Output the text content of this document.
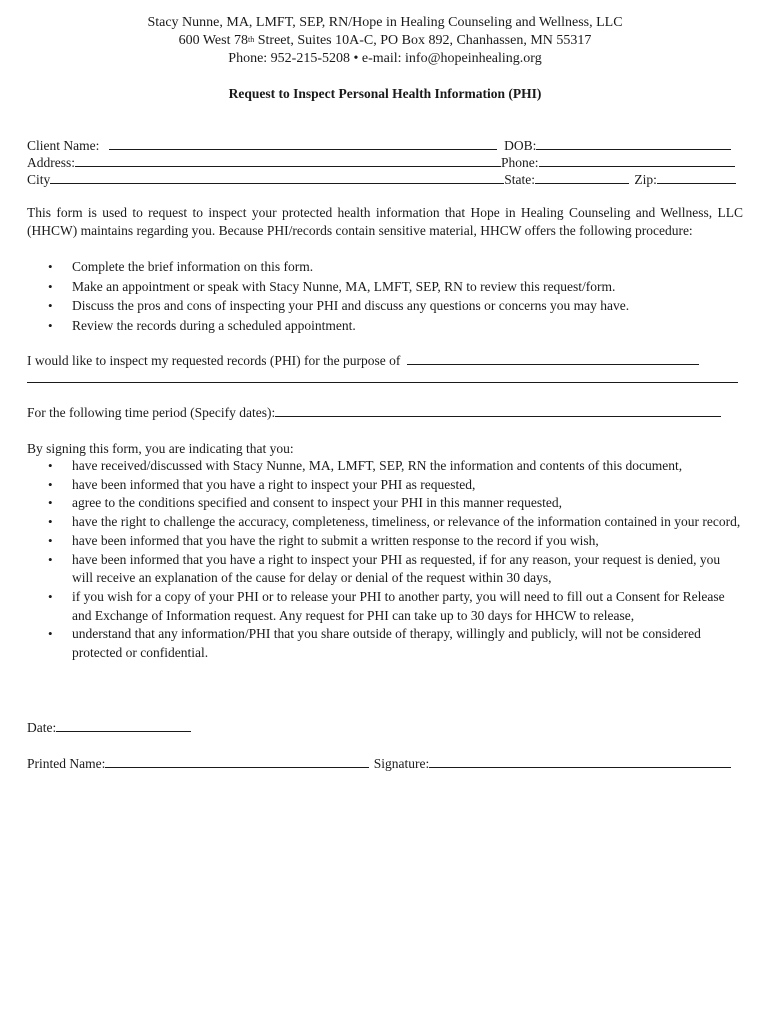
Stacy Nunne, MA, LMFT, SEP, RN/Hope in Healing Counseling and Wellness, LLC
600 West 78th Street, Suites 10A-C, PO Box 892, Chanhassen, MN 55317
Phone: 952-215-5208 • e-mail: info@hopeinhealing.org
Request to Inspect Personal Health Information (PHI)
Client Name:	DOB:
Address:	Phone:
City	State:	Zip:
This form is used to request to inspect your protected health information that Hope in Healing Counseling and Wellness, LLC (HHCW) maintains regarding you. Because PHI/records contain sensitive material, HHCW offers the following procedure:
• Complete the brief information on this form.
• Make an appointment or speak with Stacy Nunne, MA, LMFT, SEP, RN to review this request/form.
• Discuss the pros and cons of inspecting your PHI and discuss any questions or concerns you may have.
• Review the records during a scheduled appointment.
I would like to inspect my requested records (PHI) for the purpose of
For the following time period (Specify dates):
By signing this form, you are indicating that you:
• have received/discussed with Stacy Nunne, MA, LMFT, SEP, RN the information and contents of this document,
• have been informed that you have a right to inspect your PHI as requested,
• agree to the conditions specified and consent to inspect your PHI in this manner requested,
• have the right to challenge the accuracy, completeness, timeliness, or relevance of the information contained in your record,
• have been informed that you have the right to submit a written response to the record if you wish,
• have been informed that you have a right to inspect your PHI as requested, if for any reason, your request is denied, you will receive an explanation of the cause for delay or denial of the request within 30 days,
• if you wish for a copy of your PHI or to release your PHI to another party, you will need to fill out a Consent for Release and Exchange of Information request. Any request for PHI can take up to 30 days for HHCW to release,
• understand that any information/PHI that you share outside of therapy, willingly and publicly, will not be considered protected or confidential.
Date:
Printed Name:	Signature:
